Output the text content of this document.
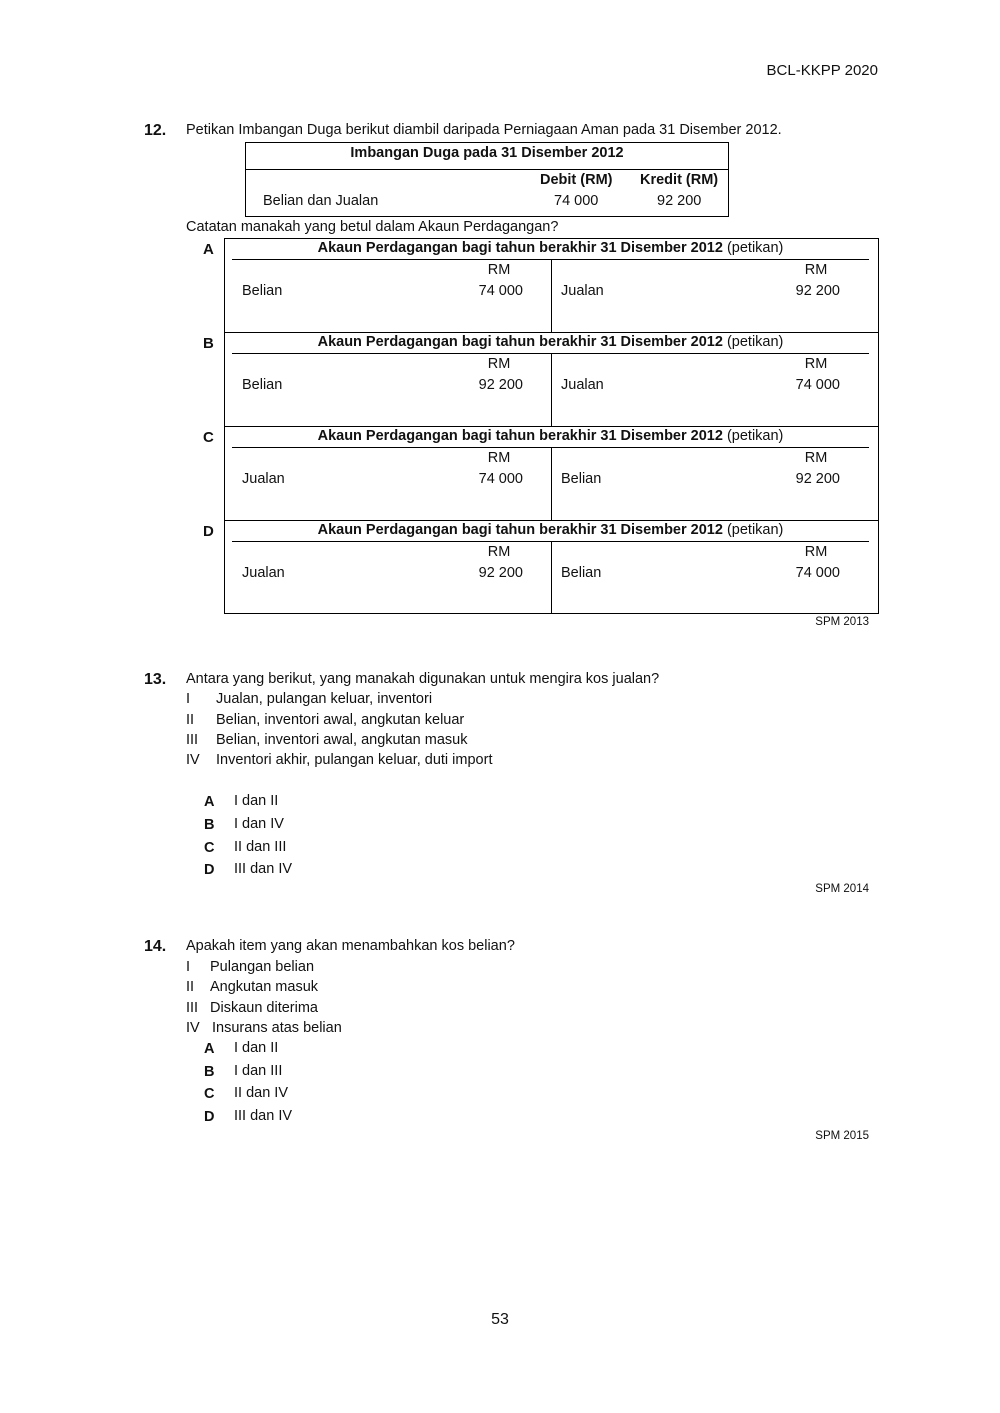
BCL-KKPP 2020
12. Petikan Imbangan Duga berikut diambil daripada Perniagaan Aman pada 31 Disember 2012.
Imbangan Duga pada 31 Disember 2012
Debit (RM) Kredit (RM)
Belian dan Jualan	74 000	92 200
Catatan manakah yang betul dalam Akaun Perdagangan?
A	Akaun Perdagangan bagi tahun berakhir 31 Disember 2012 (petikan)
RM	RM
Belian	74 000	Jualan	92 200
B	Akaun Perdagangan bagi tahun berakhir 31 Disember 2012 (petikan)
RM	RM
Belian	92 200	Jualan	74 000
C	Akaun Perdagangan bagi tahun berakhir 31 Disember 2012 (petikan)
RM	RM
Jualan	74 000	Belian	92 200
D	Akaun Perdagangan bagi tahun berakhir 31 Disember 2012 (petikan)
RM	RM
Jualan	92 200	Belian	74 000
SPM 2013
13. Antara yang berikut, yang manakah digunakan untuk mengira kos jualan?
I Jualan, pulangan keluar, inventori
II Belian, inventori awal, angkutan keluar
III Belian, inventori awal, angkutan masuk
IV Inventori akhir, pulangan keluar, duti import
A I dan II
B I dan IV
C II dan III
D III dan IV
SPM 2014
14. Apakah item yang akan menambahkan kos belian?
I Pulangan belian
II Angkutan masuk
III Diskaun diterima
IV Insurans atas belian
A I dan II
B I dan III
C II dan IV
D III dan IV
SPM 2015
53
